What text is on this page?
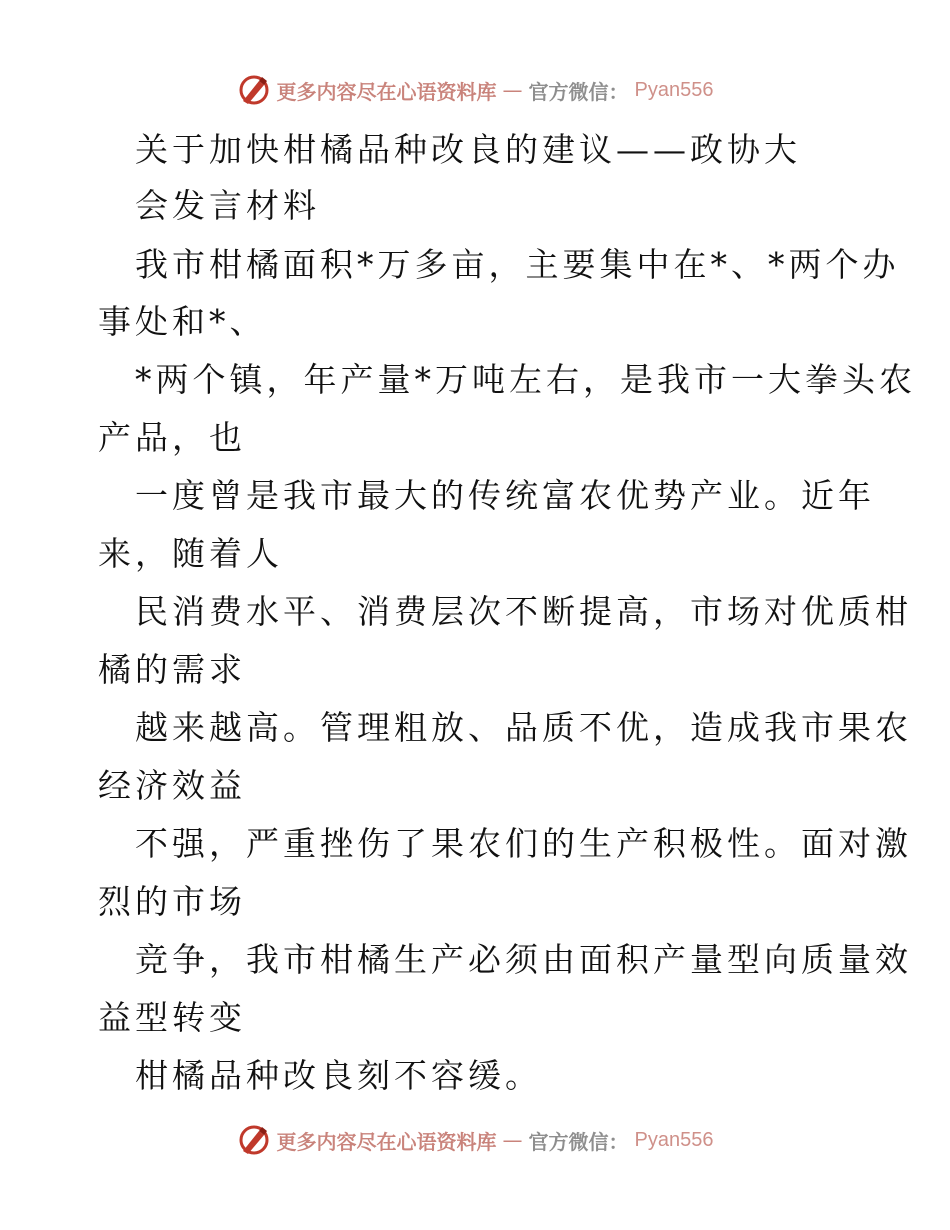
更多内容尽在心语资料库 — 官方微信： Pyan556
关于加快柑橘品种改良的建议——政协大
会发言材料
我市柑橘面积*万多亩，主要集中在*、*两个办
事处和*、
*两个镇，年产量*万吨左右，是我市一大拳头农
产品，也
一度曾是我市最大的传统富农优势产业。近年
来，随着人
民消费水平、消费层次不断提高，市场对优质柑
橘的需求
越来越高。管理粗放、品质不优，造成我市果农
经济效益
不强，严重挫伤了果农们的生产积极性。面对激
烈的市场
竞争，我市柑橘生产必须由面积产量型向质量效
益型转变
柑橘品种改良刻不容缓。
更多内容尽在心语资料库 — 官方微信： Pyan556
